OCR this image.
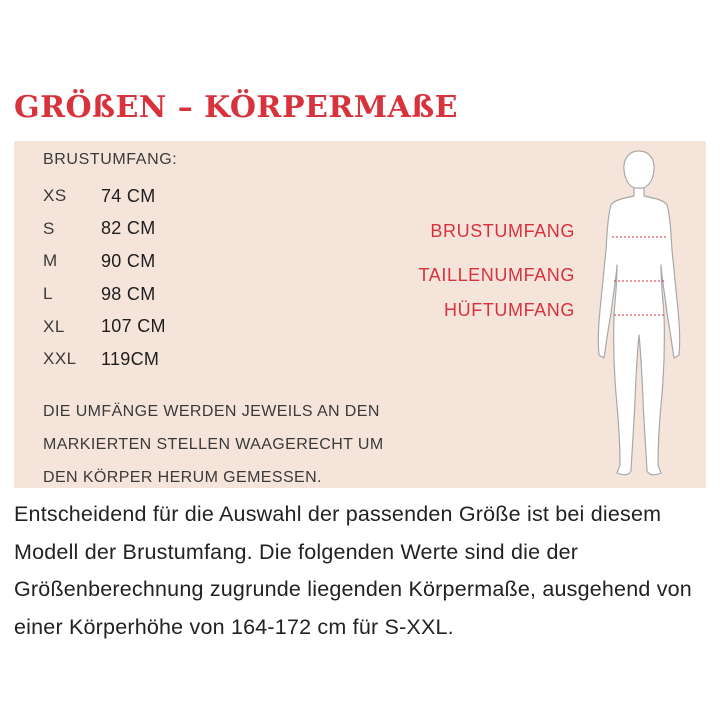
GRÖßEN – KÖRPERMAßE
BRUSTUMFANG:
XS	74 CM
S	82 CM
M	90 CM
L	98 CM
XL	107 CM
XXL	119CM
DIE UMFÄNGE WERDEN JEWEILS AN DEN MARKIERTEN STELLEN WAAGERECHT UM DEN KÖRPER HERUM GEMESSEN.
BRUSTUMFANG
TAILLENUMFANG
HÜFTUMFANG

Entscheidend für die Auswahl der passenden Größe ist bei diesem Modell der Brustumfang. Die folgenden Werte sind die der Größenberechnung zugrunde liegenden Körpermaße, ausgehend von einer Körperhöhe von 164-172 cm für S-XXL.
